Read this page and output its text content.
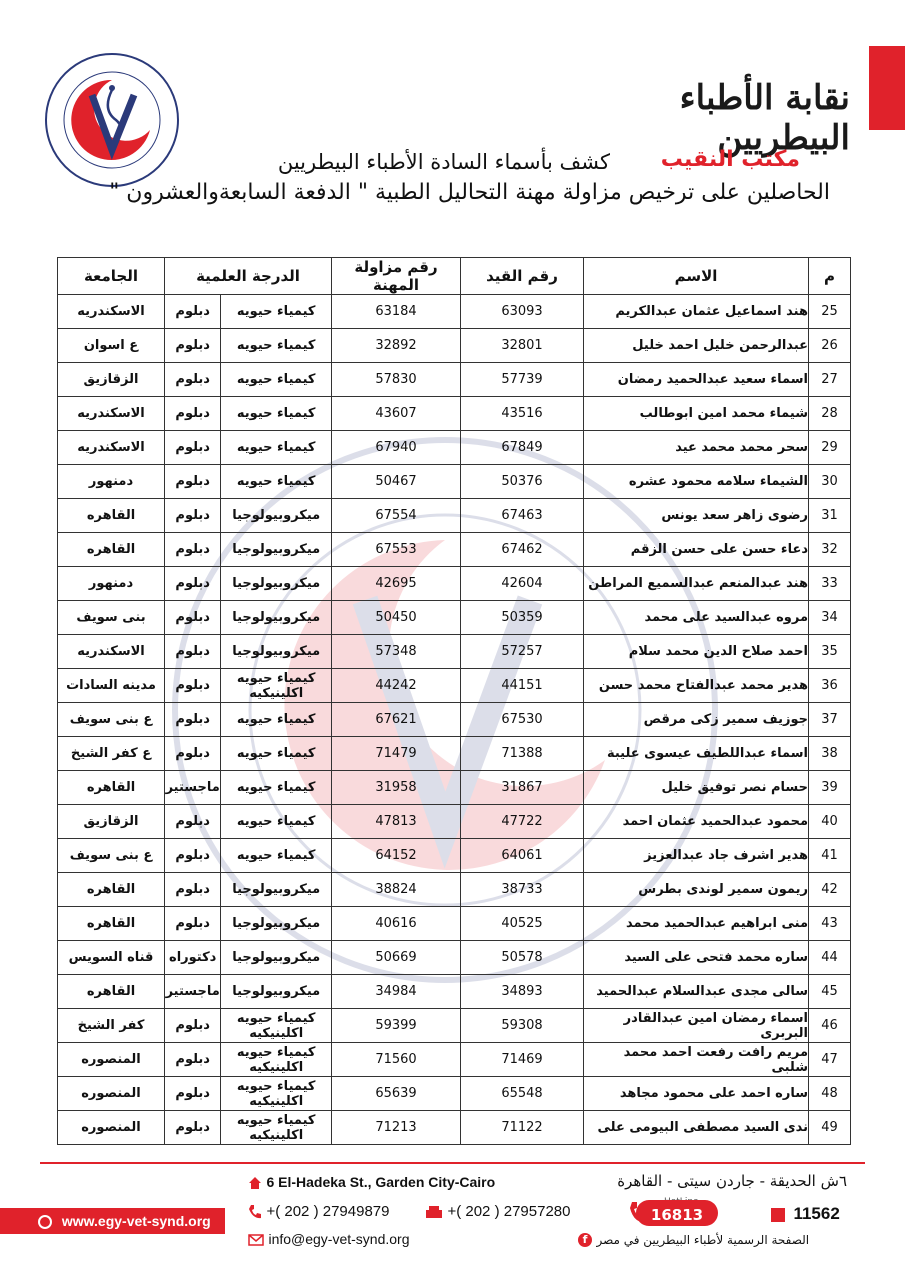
نقابة الأطباء البيطريين
مكتب النقيب
كشف بأسماء السادة الأطباء البيطريين
الحاصلين على ترخيص مزاولة مهنة التحاليل الطبية " الدفعة السابعةوالعشرون "
م	الاسم	رقم القيد	رقم مزاولة المهنة	الدرجة العلمية		الجامعة
25	هند اسماعيل عثمان عبدالكريم	63093	63184	كيمياء حيويه	دبلوم	الاسكندريه
26	عبدالرحمن خليل احمد خليل	32801	32892	كيمياء حيويه	دبلوم	ع اسوان
27	اسماء سعيد عبدالحميد رمضان	57739	57830	كيمياء حيويه	دبلوم	الزقازيق
28	شيماء محمد امين ابوطالب	43516	43607	كيمياء حيويه	دبلوم	الاسكندريه
29	سحر محمد محمد عيد	67849	67940	كيمياء حيويه	دبلوم	الاسكندريه
30	الشيماء سلامه محمود عشره	50376	50467	كيمياء حيويه	دبلوم	دمنهور
31	رضوى زاهر سعد يونس	67463	67554	ميكروبيولوجيا	دبلوم	القاهره
32	دعاء حسن على حسن الزقم	67462	67553	ميكروبيولوجيا	دبلوم	القاهره
33	هند عبدالمنعم عبدالسميع المراطن	42604	42695	ميكروبيولوجيا	دبلوم	دمنهور
34	مروه عبدالسيد على محمد	50359	50450	ميكروبيولوجيا	دبلوم	بنى سويف
35	احمد صلاح الدين محمد سلام	57257	57348	ميكروبيولوجيا	دبلوم	الاسكندريه
36	هدير محمد عبدالفتاح محمد حسن	44151	44242	كيمياء حيويه اكلينيكيه	دبلوم	مدينه السادات
37	جوزيف سمير زكى مرقص	67530	67621	كيمياء حيويه	دبلوم	ع بنى سويف
38	اسماء عبداللطيف عيسوى عليبة	71388	71479	كيمياء حيويه	دبلوم	ع كفر الشيخ
39	حسام نصر توفيق خليل	31867	31958	كيمياء حيويه	ماجستير	القاهره
40	محمود عبدالحميد عثمان احمد	47722	47813	كيمياء حيويه	دبلوم	الزقازيق
41	هدير اشرف جاد عبدالعزيز	64061	64152	كيمياء حيويه	دبلوم	ع بنى سويف
42	ريمون سمير لوندى بطرس	38733	38824	ميكروبيولوجيا	دبلوم	القاهره
43	منى ابراهيم عبدالحميد محمد	40525	40616	ميكروبيولوجيا	دبلوم	القاهره
44	ساره محمد فتحى على السيد	50578	50669	ميكروبيولوجيا	دكتوراه	قناه السويس
45	سالى مجدى عبدالسلام عبدالحميد	34893	34984	ميكروبيولوجيا	ماجستير	القاهره
46	اسماء رمضان امين عبدالقادر البربرى	59308	59399	كيمياء حيويه اكلينيكيه	دبلوم	كفر الشيخ
47	مريم رافت رفعت احمد محمد شلبى	71469	71560	كيمياء حيويه اكلينيكيه	دبلوم	المنصوره
48	ساره احمد على محمود مجاهد	65548	65639	كيمياء حيويه اكلينيكيه	دبلوم	المنصوره
49	ندى السيد مصطفى البيومى على	71122	71213	كيمياء حيويه اكلينيكيه	دبلوم	المنصوره
٦ش الحديقة - جاردن سيتى - القاهرة
6 El-Hadeka St., Garden City-Cairo
+( 202 ) 27949879	+( 202 ) 27957280
info@egy-vet-synd.org
www.egy-vet-synd.org	16813	11562
f الصفحة الرسمية لأطباء البيطريين في مصر
